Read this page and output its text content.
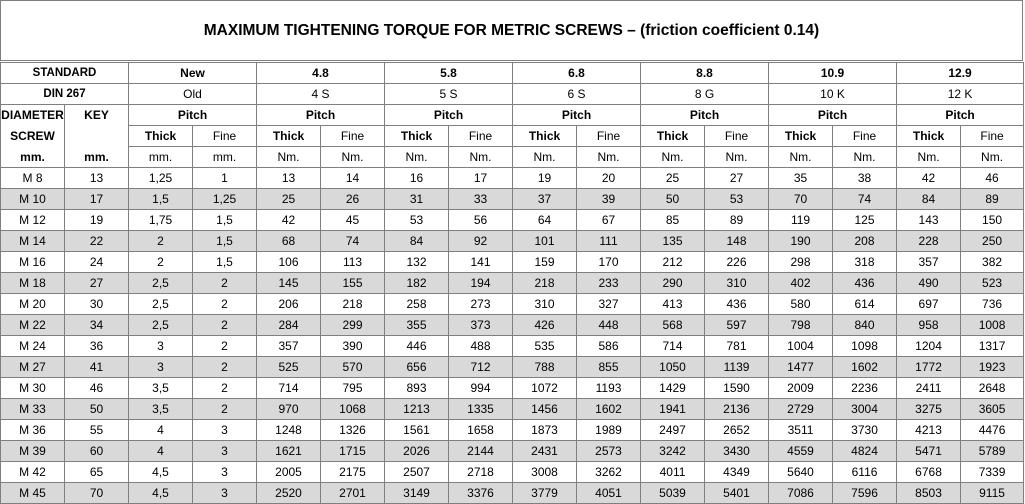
MAXIMUM TIGHTENING TORQUE FOR METRIC SCREWS – (friction coefficient 0.14)
STANDARD		New		4.8		5.8		6.8		8.8		10.9		12.9	
DIN 267		Old		4 S		5 S		6 S		8 G		10 K		12 K	
DIAMETER	KEY	Pitch		Pitch		Pitch		Pitch		Pitch		Pitch		Pitch	
SCREW		Thick	Fine	Thick	Fine	Thick	Fine	Thick	Fine	Thick	Fine	Thick	Fine	Thick	Fine
mm.	mm.	mm.	mm.	Nm.	Nm.	Nm.	Nm.	Nm.	Nm.	Nm.	Nm.	Nm.	Nm.	Nm.	Nm.
M 8	13	1,25	1	13	14	16	17	19	20	25	27	35	38	42	46
M 10	17	1,5	1,25	25	26	31	33	37	39	50	53	70	74	84	89
M 12	19	1,75	1,5	42	45	53	56	64	67	85	89	119	125	143	150
M 14	22	2	1,5	68	74	84	92	101	111	135	148	190	208	228	250
M 16	24	2	1,5	106	113	132	141	159	170	212	226	298	318	357	382
M 18	27	2,5	2	145	155	182	194	218	233	290	310	402	436	490	523
M 20	30	2,5	2	206	218	258	273	310	327	413	436	580	614	697	736
M 22	34	2,5	2	284	299	355	373	426	448	568	597	798	840	958	1008
M 24	36	3	2	357	390	446	488	535	586	714	781	1004	1098	1204	1317
M 27	41	3	2	525	570	656	712	788	855	1050	1139	1477	1602	1772	1923
M 30	46	3,5	2	714	795	893	994	1072	1193	1429	1590	2009	2236	2411	2648
M 33	50	3,5	2	970	1068	1213	1335	1456	1602	1941	2136	2729	3004	3275	3605
M 36	55	4	3	1248	1326	1561	1658	1873	1989	2497	2652	3511	3730	4213	4476
M 39	60	4	3	1621	1715	2026	2144	2431	2573	3242	3430	4559	4824	5471	5789
M 42	65	4,5	3	2005	2175	2507	2718	3008	3262	4011	4349	5640	6116	6768	7339
M 45	70	4,5	3	2520	2701	3149	3376	3779	4051	5039	5401	7086	7596	8503	9115
